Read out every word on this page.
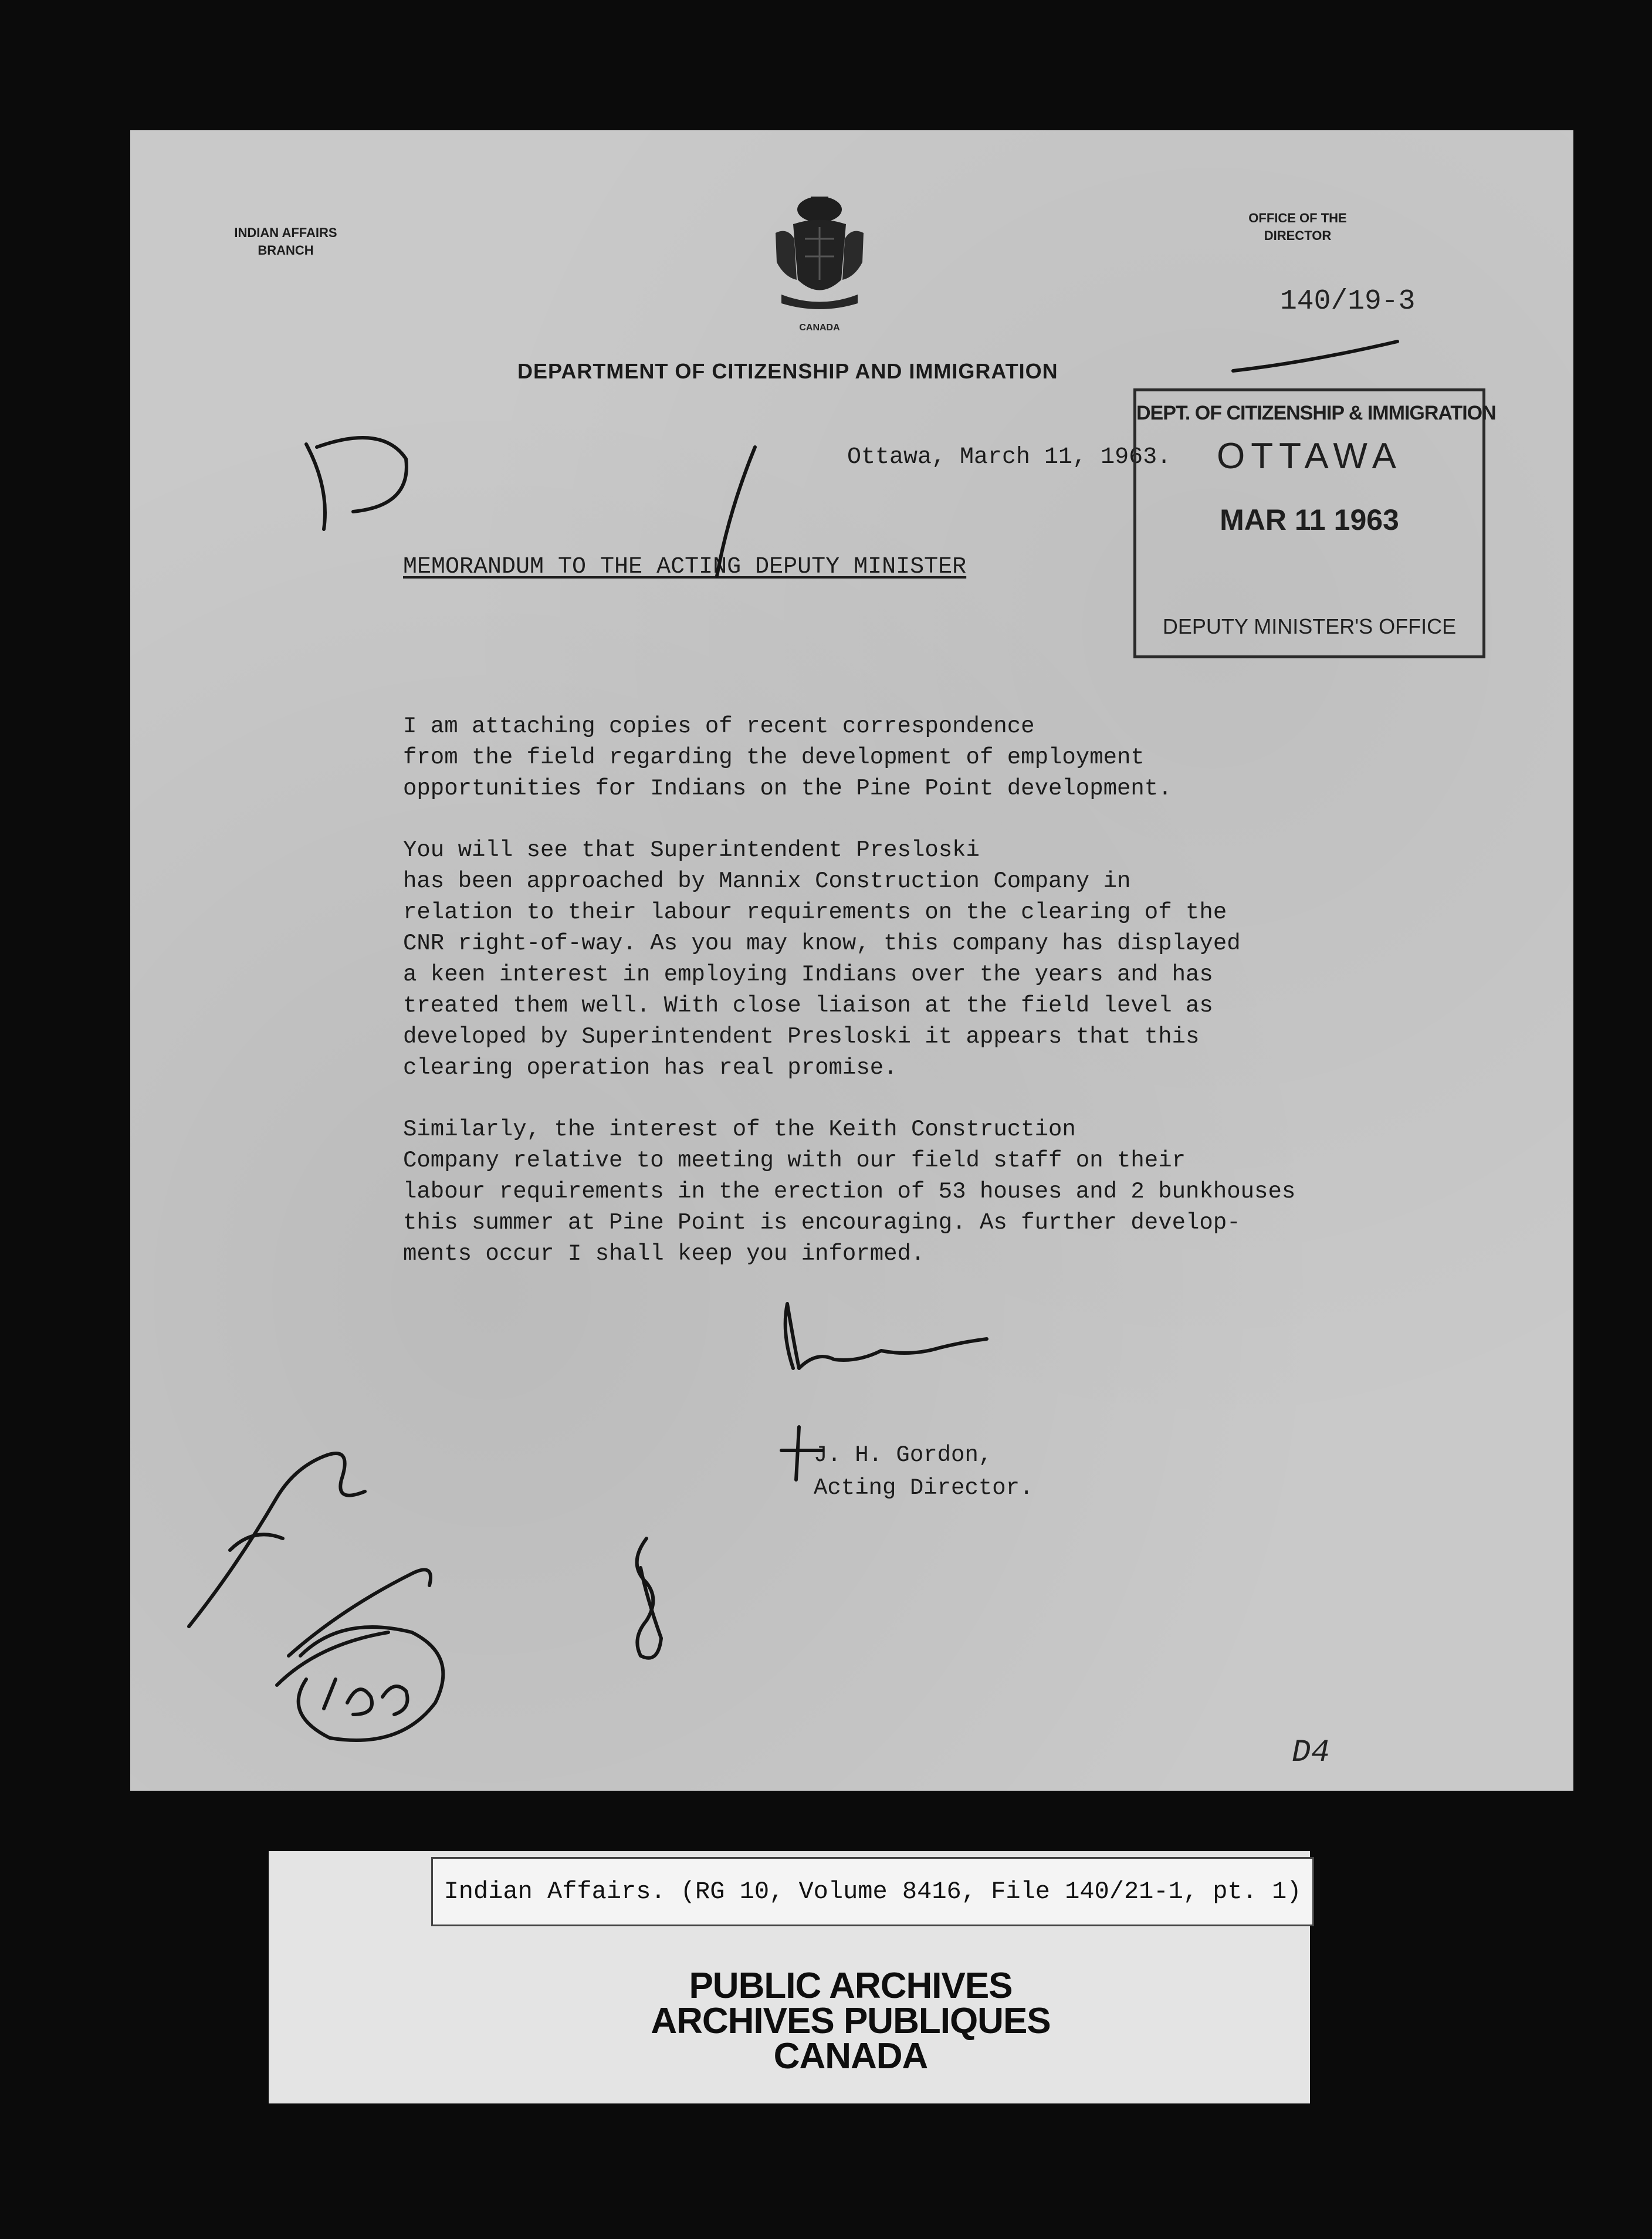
INDIAN AFFAIRS BRANCH
OFFICE OF THE DIRECTOR
140/19-3
CANADA
DEPARTMENT OF CITIZENSHIP AND IMMIGRATION
Ottawa, March 11, 1963.
DEPT. OF CITIZENSHIP & IMMIGRATION
OTTAWA
MAR 11 1963
DEPUTY MINISTER'S OFFICE
MEMORANDUM TO THE ACTING DEPUTY MINISTER

I am attaching copies of recent correspondence
from the field regarding the development of employment
opportunities for Indians on the Pine Point development.

You will see that Superintendent Presloski
has been approached by Mannix Construction Company in
relation to their labour requirements on the clearing of the
CNR right-of-way. As you may know, this company has displayed
a keen interest in employing Indians over the years and has
treated them well. With close liaison at the field level as
developed by Superintendent Presloski it appears that this
clearing operation has real promise.

Similarly, the interest of the Keith Construction
Company relative to meeting with our field staff on their
labour requirements in the erection of 53 houses and 2 bunkhouses
this summer at Pine Point is encouraging. As further develop-
ments occur I shall keep you informed.

J. H. Gordon,
Acting Director.
D4
Indian Affairs. (RG 10, Volume 8416, File 140/21-1, pt. 1)
PUBLIC ARCHIVES
ARCHIVES PUBLIQUES
CANADA
